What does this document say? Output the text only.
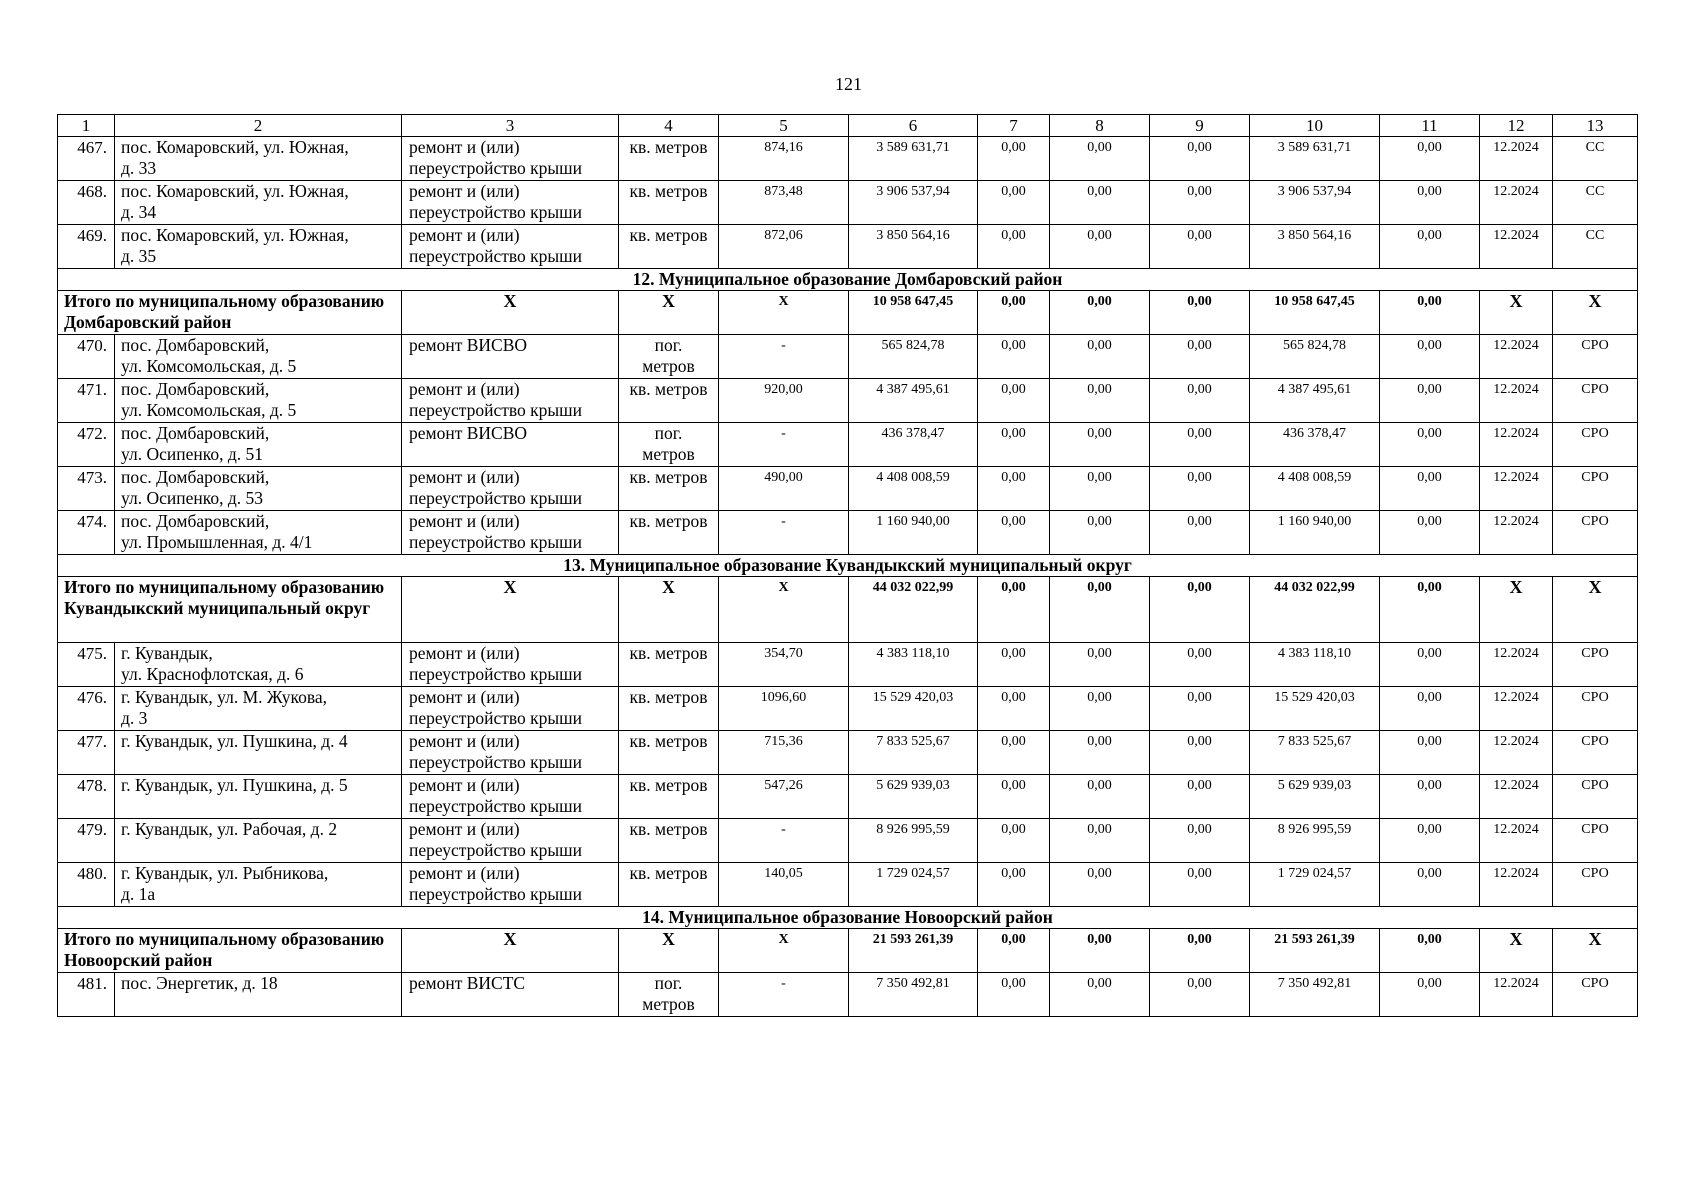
121
1	2	3	4	5	6	7	8	9	10	11	12	13
467.	пос. Комаровский, ул. Южная,
д. 33	ремонт и (или)
переустройство крыши	кв. метров	874,16	3 589 631,71	0,00	0,00	0,00	3 589 631,71	0,00	12.2024	СС
468.	пос. Комаровский, ул. Южная,
д. 34	ремонт и (или)
переустройство крыши	кв. метров	873,48	3 906 537,94	0,00	0,00	0,00	3 906 537,94	0,00	12.2024	СС
469.	пос. Комаровский, ул. Южная,
д. 35	ремонт и (или)
переустройство крыши	кв. метров	872,06	3 850 564,16	0,00	0,00	0,00	3 850 564,16	0,00	12.2024	СС
12. Муниципальное образование Домбаровский район												
Итого по муниципальному образованию Домбаровский район		Х	Х	Х	10 958 647,45	0,00	0,00	0,00	10 958 647,45	0,00	Х	Х
470.	пос. Домбаровский,
ул. Комсомольская, д. 5	ремонт ВИСВО	пог.
метров	-	565 824,78	0,00	0,00	0,00	565 824,78	0,00	12.2024	СРО
471.	пос. Домбаровский,
ул. Комсомольская, д. 5	ремонт и (или)
переустройство крыши	кв. метров	920,00	4 387 495,61	0,00	0,00	0,00	4 387 495,61	0,00	12.2024	СРО
472.	пос. Домбаровский,
ул. Осипенко, д. 51	ремонт ВИСВО	пог.
метров	-	436 378,47	0,00	0,00	0,00	436 378,47	0,00	12.2024	СРО
473.	пос. Домбаровский,
ул. Осипенко, д. 53	ремонт и (или)
переустройство крыши	кв. метров	490,00	4 408 008,59	0,00	0,00	0,00	4 408 008,59	0,00	12.2024	СРО
474.	пос. Домбаровский,
ул. Промышленная, д. 4/1	ремонт и (или)
переустройство крыши	кв. метров	-	1 160 940,00	0,00	0,00	0,00	1 160 940,00	0,00	12.2024	СРО
13. Муниципальное образование Кувандыкский муниципальный округ												
Итого по муниципальному образованию Кувандыкский муниципальный округ		Х	Х	Х	44 032 022,99	0,00	0,00	0,00	44 032 022,99	0,00	Х	Х
475.	г. Кувандык,
ул. Краснофлотская, д. 6	ремонт и (или)
переустройство крыши	кв. метров	354,70	4 383 118,10	0,00	0,00	0,00	4 383 118,10	0,00	12.2024	СРО
476.	г. Кувандык, ул. М. Жукова,
д. 3	ремонт и (или)
переустройство крыши	кв. метров	1096,60	15 529 420,03	0,00	0,00	0,00	15 529 420,03	0,00	12.2024	СРО
477.	г. Кувандык, ул. Пушкина, д. 4	ремонт и (или)
переустройство крыши	кв. метров	715,36	7 833 525,67	0,00	0,00	0,00	7 833 525,67	0,00	12.2024	СРО
478.	г. Кувандык, ул. Пушкина, д. 5	ремонт и (или)
переустройство крыши	кв. метров	547,26	5 629 939,03	0,00	0,00	0,00	5 629 939,03	0,00	12.2024	СРО
479.	г. Кувандык, ул. Рабочая, д. 2	ремонт и (или)
переустройство крыши	кв. метров	-	8 926 995,59	0,00	0,00	0,00	8 926 995,59	0,00	12.2024	СРО
480.	г. Кувандык, ул. Рыбникова,
д. 1а	ремонт и (или)
переустройство крыши	кв. метров	140,05	1 729 024,57	0,00	0,00	0,00	1 729 024,57	0,00	12.2024	СРО
14. Муниципальное образование Новоорский район												
Итого по муниципальному образованию Новоорский район		Х	Х	Х	21 593 261,39	0,00	0,00	0,00	21 593 261,39	0,00	Х	Х
481.	пос. Энергетик, д. 18	ремонт ВИСТС	пог.
метров	-	7 350 492,81	0,00	0,00	0,00	7 350 492,81	0,00	12.2024	СРО
